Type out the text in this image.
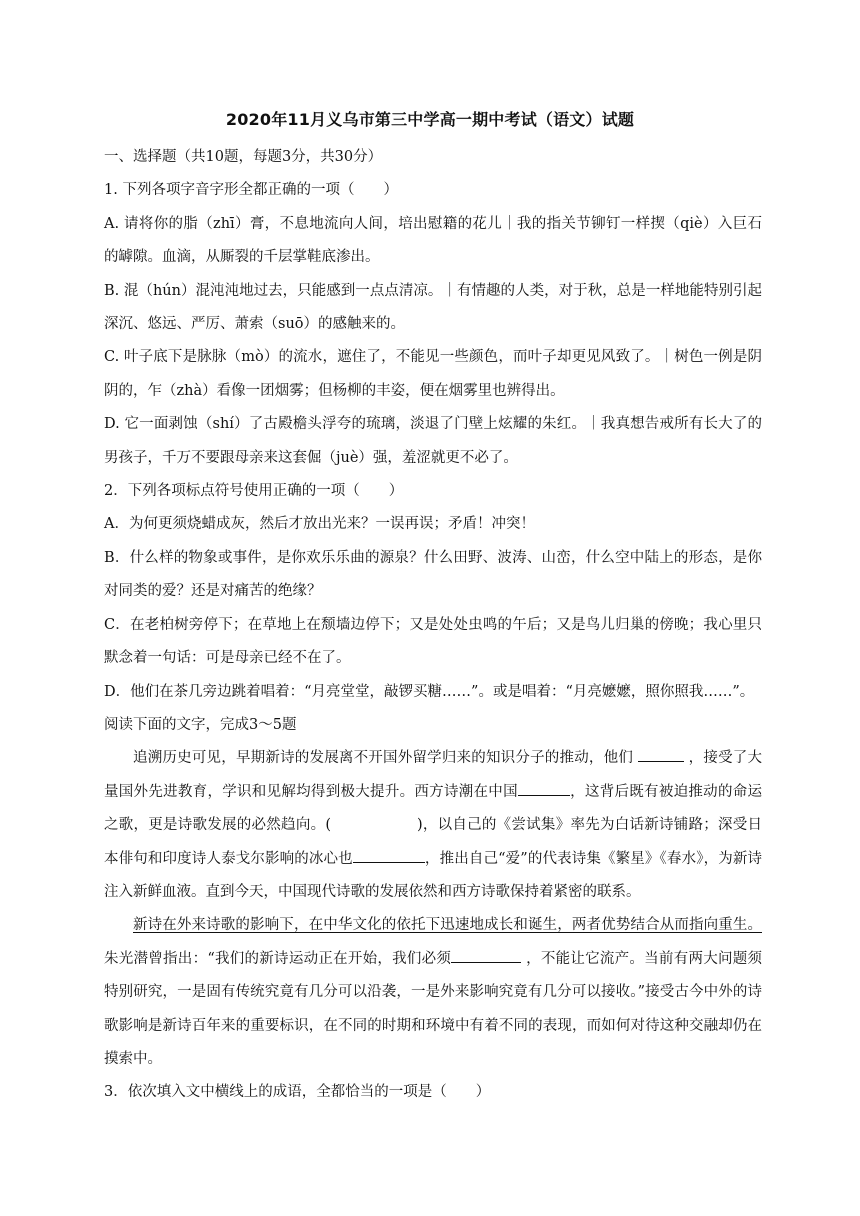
2020年11月义乌市第三中学高一期中考试（语文）试题

一、选择题（共10题，每题3分，共30分）

1. 下列各项字音字形全都正确的一项（　　）

A. 请将你的脂（zhī）膏，不息地流向人间，培出慰籍的花儿｜我的指关节铆钉一样揳（qiè）入巨石的罅隙。血滴，从厮裂的千层掌鞋底渗出。

B. 混（hún）混沌沌地过去，只能感到一点点清凉。｜有情趣的人类，对于秋，总是一样地能特别引起深沉、悠远、严厉、萧索（suō）的感触来的。

C. 叶子底下是脉脉（mò）的流水，遮住了，不能见一些颜色，而叶子却更见风致了。｜树色一例是阴阴的，乍（zhà）看像一团烟雾；但杨柳的丰姿，便在烟雾里也辨得出。

D. 它一面剥蚀（shí）了古殿檐头浮夸的琉璃，淡退了门壁上炫耀的朱红。｜我真想告戒所有长大了的男孩子，千万不要跟母亲来这套倔（juè）强，羞涩就更不必了。

2．下列各项标点符号使用正确的一项（　　）

A．为何更须烧蜡成灰，然后才放出光来？一误再误；矛盾！冲突！

B．什么样的物象或事件，是你欢乐乐曲的源泉？什么田野、波涛、山峦，什么空中陆上的形态，是你对同类的爱？还是对痛苦的绝缘？

C．在老柏树旁停下；在草地上在颓墙边停下；又是处处虫鸣的午后；又是鸟儿归巢的傍晚；我心里只默念着一句话：可是母亲已经不在了。

D．他们在茶几旁边跳着唱着：“月亮堂堂，敲锣买糖……”。或是唱着：“月亮嬷嬷，照你照我……”。

阅读下面的文字，完成3～5题

追溯历史可见，早期新诗的发展离不开国外留学归来的知识分子的推动，他们	，接受了大量国外先进教育，学识和见解均得到极大提升。西方诗潮在中国	，这背后既有被迫推动的命运之歌，更是诗歌发展的必然趋向。(	)，以自己的《尝试集》率先为白话新诗铺路；深受日本俳句和印度诗人泰戈尔影响的冰心也	，推出自己“爱”的代表诗集《繁星》《春水》，为新诗注入新鲜血液。直到今天，中国现代诗歌的发展依然和西方诗歌保持着紧密的联系。

新诗在外来诗歌的影响下，在中华文化的依托下迅速地成长和诞生，两者优势结合从而指向重生。朱光潜曾指出：“我们的新诗运动正在开始，我们必须	，不能让它流产。当前有两大问题须特别研究，一是固有传统究竟有几分可以沿袭，一是外来影响究竟有几分可以接收。”接受古今中外的诗歌影响是新诗百年来的重要标识，在不同的时期和环境中有着不同的表现，而如何对待这种交融却仍在摸索中。

3．依次填入文中横线上的成语，全都恰当的一项是（　　）
